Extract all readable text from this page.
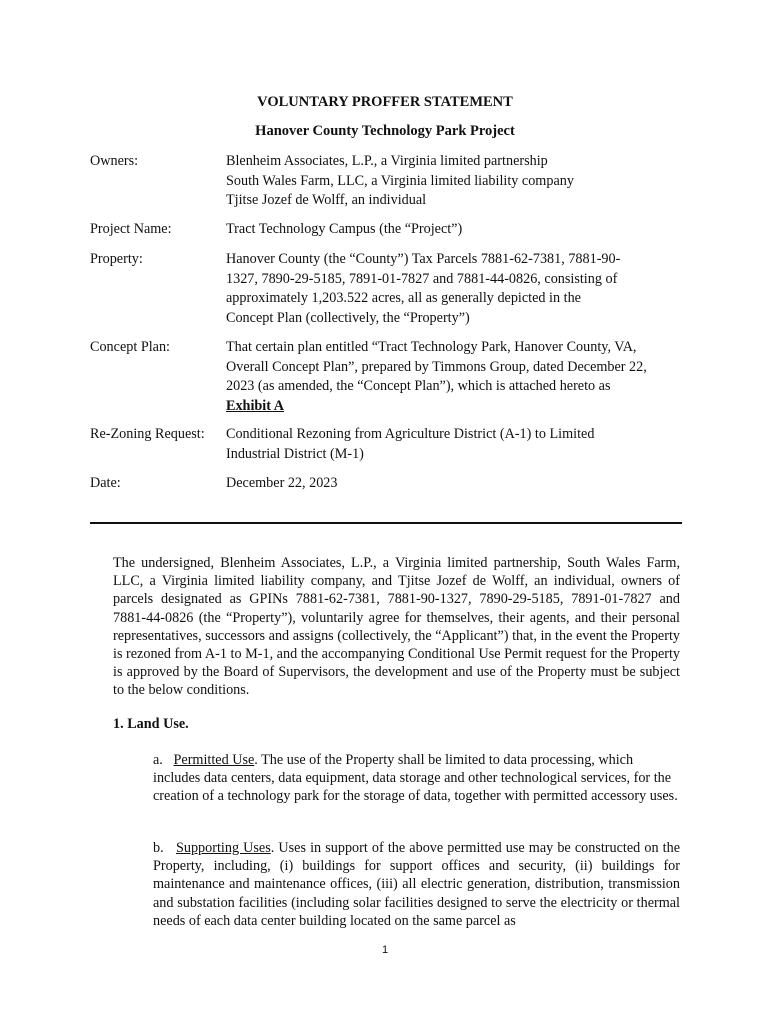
VOLUNTARY PROFFER STATEMENT

Hanover County Technology Park Project

Owners:	Blenheim Associates, L.P., a Virginia limited partnership
South Wales Farm, LLC, a Virginia limited liability company
Tjitse Jozef de Wolff, an individual
Project Name:	Tract Technology Campus (the “Project”)
Property:	Hanover County (the “County”) Tax Parcels 7881-62-7381, 7881-90-
1327, 7890-29-5185, 7891-01-7827 and 7881-44-0826, consisting of
approximately 1,203.522 acres, all as generally depicted in the
Concept Plan (collectively, the “Property”)
Concept Plan:	That certain plan entitled “Tract Technology Park, Hanover County, VA,
Overall Concept Plan”, prepared by Timmons Group, dated December 22,
2023 (as amended, the “Concept Plan”), which is attached hereto as
Exhibit A
Re-Zoning Request:	Conditional Rezoning from Agriculture District (A-1) to Limited
Industrial District (M-1)
Date:	December 22, 2023

The undersigned, Blenheim Associates, L.P., a Virginia limited partnership, South Wales Farm, LLC, a Virginia limited liability company, and Tjitse Jozef de Wolff, an individual, owners of parcels designated as GPINs 7881-62-7381, 7881-90-1327, 7890-29-5185, 7891-01-7827 and 7881-44-0826 (the “Property”), voluntarily agree for themselves, their agents, and their personal representatives, successors and assigns (collectively, the “Applicant”) that, in the event the Property is rezoned from A-1 to M-1, and the accompanying Conditional Use Permit request for the Property is approved by the Board of Supervisors, the development and use of the Property must be subject to the below conditions.

1. Land Use.

a. Permitted Use. The use of the Property shall be limited to data processing, which includes data centers, data equipment, data storage and other technological services, for the creation of a technology park for the storage of data, together with permitted accessory uses.

b. Supporting Uses. Uses in support of the above permitted use may be constructed on the Property, including, (i) buildings for support offices and security, (ii) buildings for maintenance and maintenance offices, (iii) all electric generation, distribution, transmission and substation facilities (including solar facilities designed to serve the electricity or thermal needs of each data center building located on the same parcel as

1
